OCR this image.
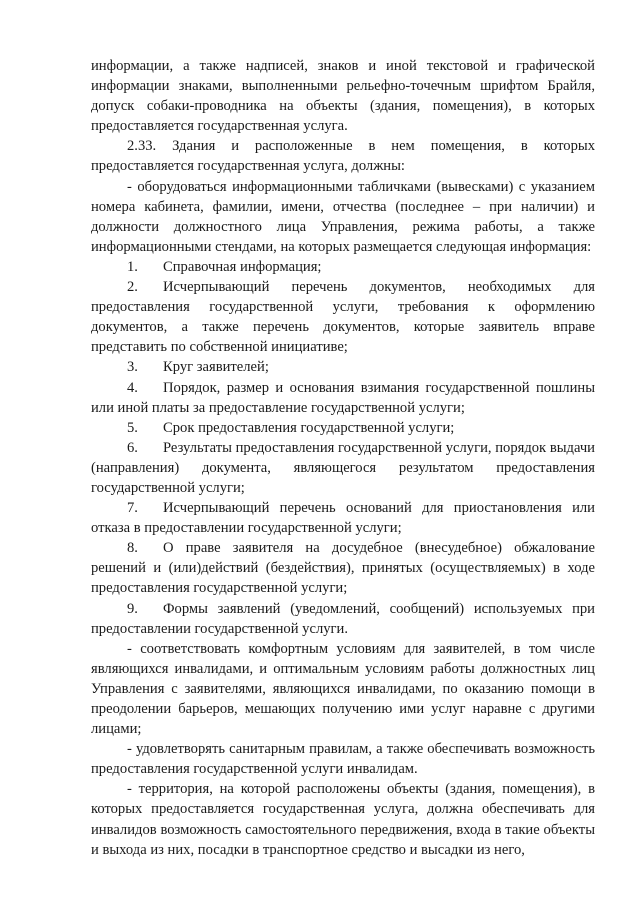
информации, а также надписей, знаков и иной текстовой и графической информации знаками, выполненными рельефно-точечным шрифтом Брайля, допуск собаки-проводника на объекты (здания, помещения), в которых предоставляется государственная услуга.

2.33. Здания и расположенные в нем помещения, в которых предоставляется государственная услуга, должны:

- оборудоваться информационными табличками (вывесками) с указанием номера кабинета, фамилии, имени, отчества (последнее – при наличии) и должности должностного лица Управления, режима работы, а также информационными стендами, на которых размещается следующая информация:

1. Справочная информация;

2. Исчерпывающий перечень документов, необходимых для предоставления государственной услуги, требования к оформлению документов, а также перечень документов, которые заявитель вправе представить по собственной инициативе;

3. Круг заявителей;

4. Порядок, размер и основания взимания государственной пошлины или иной платы за предоставление государственной услуги;

5. Срок предоставления государственной услуги;

6. Результаты предоставления государственной услуги, порядок выдачи (направления) документа, являющегося результатом предоставления государственной услуги;

7. Исчерпывающий перечень оснований для приостановления или отказа в предоставлении государственной услуги;

8. О праве заявителя на досудебное (внесудебное) обжалование решений и (или)действий (бездействия), принятых (осуществляемых) в ходе предоставления государственной услуги;

9. Формы заявлений (уведомлений, сообщений) используемых при предоставлении государственной услуги.

- соответствовать комфортным условиям для заявителей, в том числе являющихся инвалидами, и оптимальным условиям работы должностных лиц Управления с заявителями, являющихся инвалидами, по оказанию помощи в преодолении барьеров, мешающих получению ими услуг наравне с другими лицами;

- удовлетворять санитарным правилам, а также обеспечивать возможность предоставления государственной услуги инвалидам.

- территория, на которой расположены объекты (здания, помещения), в которых предоставляется государственная услуга, должна обеспечивать для инвалидов возможность самостоятельного передвижения, входа в такие объекты и выхода из них, посадки в транспортное средство и высадки из него,
